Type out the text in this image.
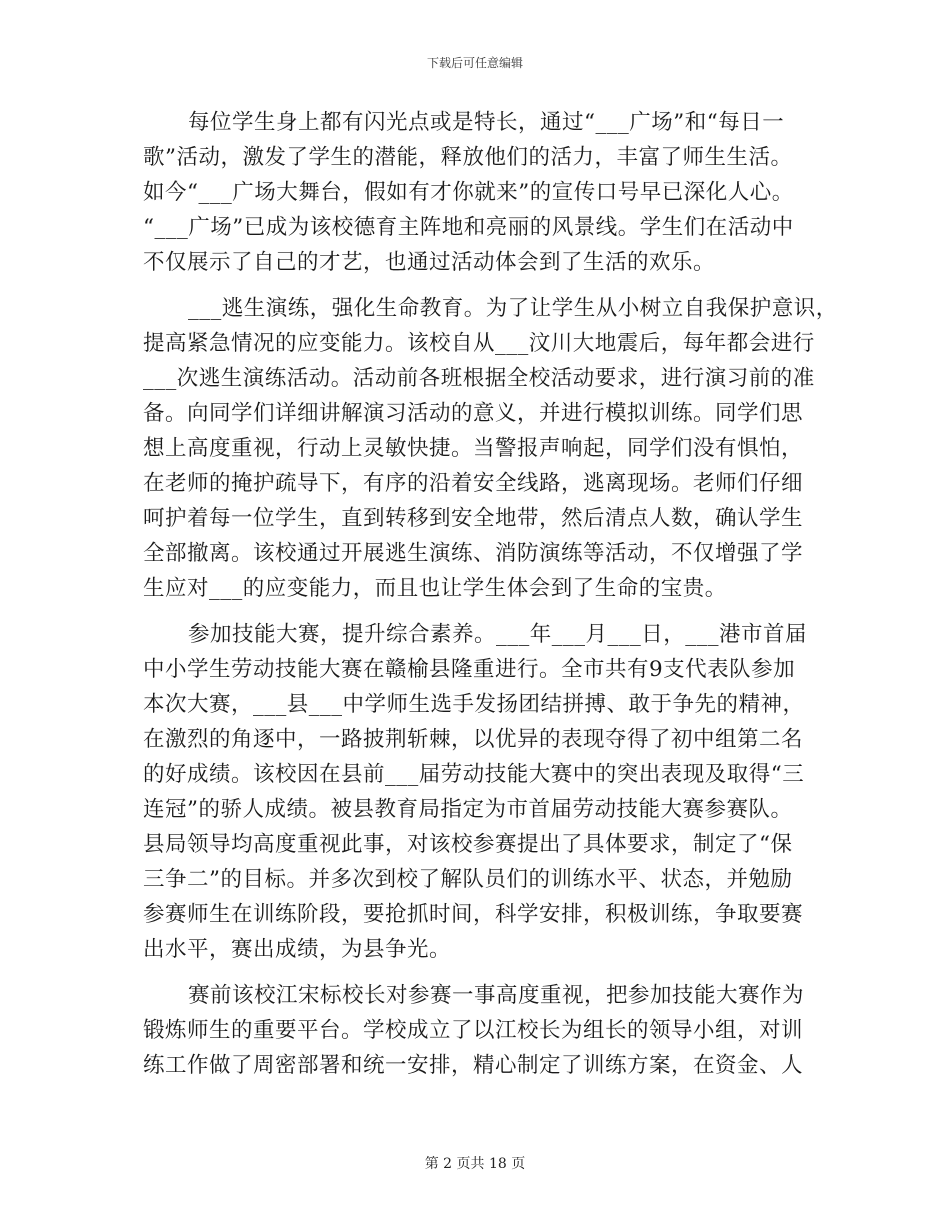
下载后可任意编辑
每位学生身上都有闪光点或是特长，通过“___广场”和“每日一
歌”活动，激发了学生的潜能，释放他们的活力，丰富了师生生活。
如今“___广场大舞台，假如有才你就来”的宣传口号早已深化人心。
“___广场”已成为该校德育主阵地和亮丽的风景线。学生们在活动中
不仅展示了自己的才艺，也通过活动体会到了生活的欢乐。
___逃生演练，强化生命教育。为了让学生从小树立自我保护意识，
提高紧急情况的应变能力。该校自从___汶川大地震后，每年都会进行
___次逃生演练活动。活动前各班根据全校活动要求，进行演习前的准
备。向同学们详细讲解演习活动的意义，并进行模拟训练。同学们思
想上高度重视，行动上灵敏快捷。当警报声响起，同学们没有惧怕，
在老师的掩护疏导下，有序的沿着安全线路，逃离现场。老师们仔细
呵护着每一位学生，直到转移到安全地带，然后清点人数，确认学生
全部撤离。该校通过开展逃生演练、消防演练等活动，不仅增强了学
生应对___的应变能力，而且也让学生体会到了生命的宝贵。
参加技能大赛，提升综合素养。___年___月___日，___港市首届
中小学生劳动技能大赛在赣榆县隆重进行。全市共有9支代表队参加
本次大赛，___县___中学师生选手发扬团结拼搏、敢于争先的精神，
在激烈的角逐中，一路披荆斩棘，以优异的表现夺得了初中组第二名
的好成绩。该校因在县前___届劳动技能大赛中的突出表现及取得“三
连冠”的骄人成绩。被县教育局指定为市首届劳动技能大赛参赛队。
县局领导均高度重视此事，对该校参赛提出了具体要求，制定了“保
三争二”的目标。并多次到校了解队员们的训练水平、状态，并勉励
参赛师生在训练阶段，要抢抓时间，科学安排，积极训练，争取要赛
出水平，赛出成绩，为县争光。
赛前该校江宋标校长对参赛一事高度重视，把参加技能大赛作为
锻炼师生的重要平台。学校成立了以江校长为组长的领导小组，对训
练工作做了周密部署和统一安排，精心制定了训练方案，在资金、人
第 2 页共 18 页
